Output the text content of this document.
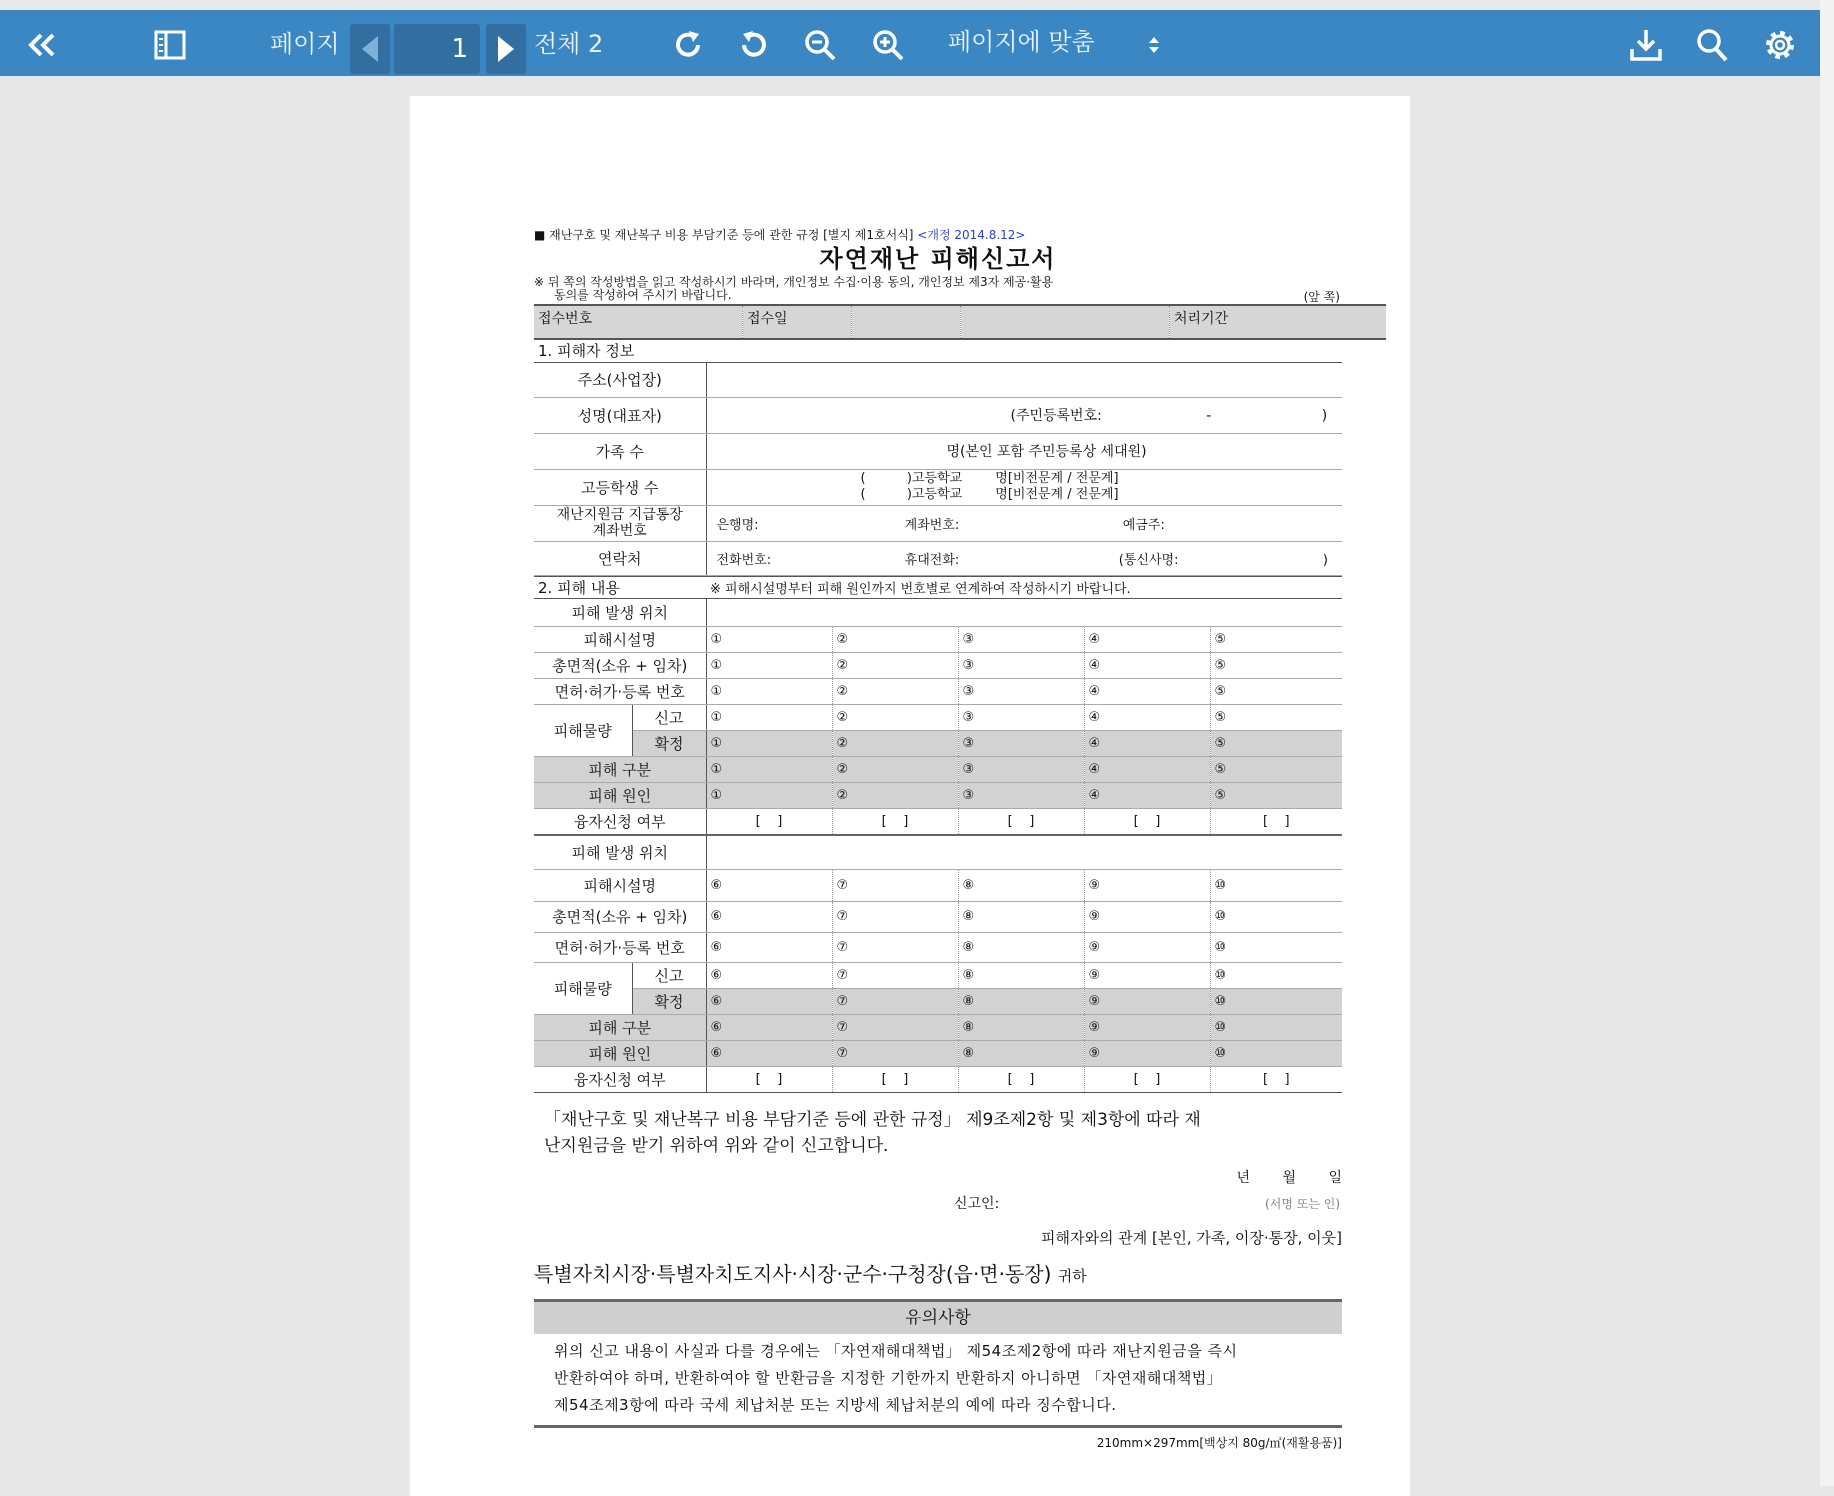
페이지	1	전체 2	페이지에 맞춤
■ 재난구호 및 재난복구 비용 부담기준 등에 관한 규정 [별지 제1호서식] <개정 2014.8.12>
자연재난 피해신고서
※ 뒤 쪽의 작성방법을 읽고 작성하시기 바라며, 개인정보 수집·이용 동의, 개인정보 제3자 제공·활용
동의를 작성하여 주시기 바랍니다.	(앞 쪽)
접수번호	접수일			처리기간
1. 피해자 정보
주소(사업장)	
성명(대표자)	(주민등록번호: - )
가족 수	명(본인 포함 주민등록상 세대원)
고등학생 수	(          )고등학교        명[비전문계 / 전문계]
(          )고등학교        명[비전문계 / 전문계]

재난지원금 지급통장
계좌번호	은행명: 계좌번호: 예금주:
연락처	전화번호: 휴대전화: (통신사명: )
2. 피해 내용	※ 피해시설명부터 피해 원인까지 번호별로 연계하여 작성하시기 바랍니다.
피해 발생 위치						
피해시설명		①	②	③	④	⑤
총면적(소유 + 임차)		①	②	③	④	⑤
면허·허가·등록 번호		①	②	③	④	⑤
피해물량	신고	①	②	③	④	⑤
	확정	①	②	③	④	⑤
피해 구분		①	②	③	④	⑤
피해 원인		①	②	③	④	⑤
융자신청 여부		[    ]	[    ]	[    ]	[    ]	[    ]
피해 발생 위치						
피해시설명		⑥	⑦	⑧	⑨	⑩
총면적(소유 + 임차)		⑥	⑦	⑧	⑨	⑩
면허·허가·등록 번호		⑥	⑦	⑧	⑨	⑩
피해물량	신고	⑥	⑦	⑧	⑨	⑩
	확정	⑥	⑦	⑧	⑨	⑩
피해 구분		⑥	⑦	⑧	⑨	⑩
피해 원인		⑥	⑦	⑧	⑨	⑩
융자신청 여부		[    ]	[    ]	[    ]	[    ]	[    ]
「재난구호 및 재난복구 비용 부담기준 등에 관한 규정」 제9조제2항 및 제3항에 따라 재
난지원금을 받기 위하여 위와 같이 신고합니다.
년 월 일
신고인:	(서명 또는 인)
피해자와의 관계 [본인, 가족, 이장·통장, 이웃]
특별자치시장·특별자치도지사·시장·군수·구청장(읍·면·동장) 귀하
유의사항
위의 신고 내용이 사실과 다를 경우에는 「자연재해대책법」 제54조제2항에 따라 재난지원금을 즉시
반환하여야 하며, 반환하여야 할 반환금을 지정한 기한까지 반환하지 아니하면 「자연재해대책법」
제54조제3항에 따라 국세 체납처분 또는 지방세 체납처분의 예에 따라 징수합니다.
210mm×297mm[백상지 80g/㎡(재활용품)]
